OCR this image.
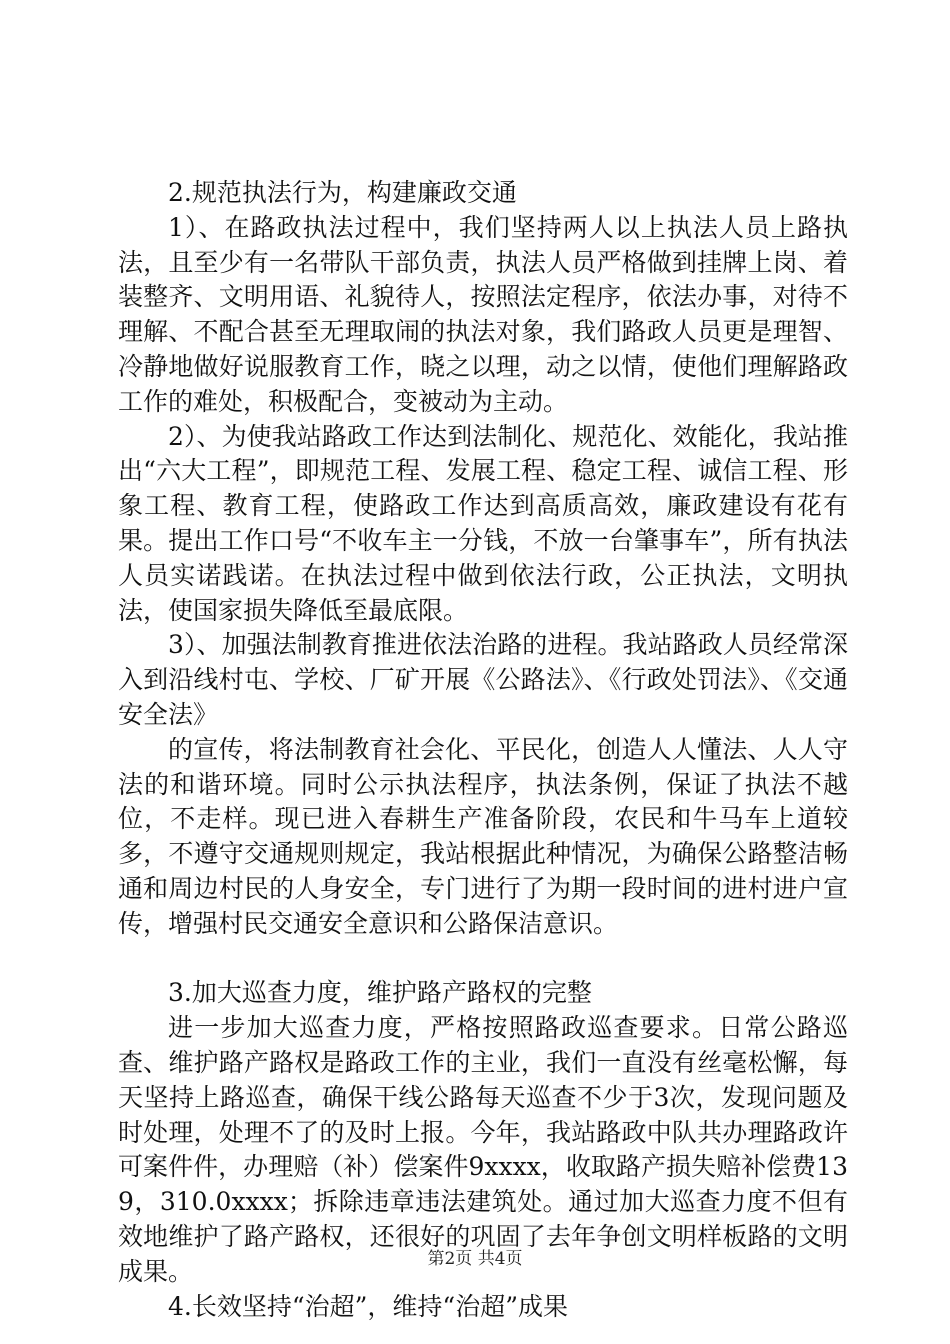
2.规范执法行为，构建廉政交通

1）、在路政执法过程中，我们坚持两人以上执法人员上路执法，且至少有一名带队干部负责，执法人员严格做到挂牌上岗、着装整齐、文明用语、礼貌待人，按照法定程序，依法办事，对待不理解、不配合甚至无理取闹的执法对象，我们路政人员更是理智、冷静地做好说服教育工作，晓之以理，动之以情，使他们理解路政工作的难处，积极配合，变被动为主动。

2）、为使我站路政工作达到法制化、规范化、效能化，我站推出“六大工程”，即规范工程、发展工程、稳定工程、诚信工程、形象工程、教育工程，使路政工作达到高质高效，廉政建设有花有果。提出工作口号“不收车主一分钱，不放一台肇事车”，所有执法人员实诺践诺。在执法过程中做到依法行政，公正执法，文明执法，使国家损失降低至最底限。

3）、加强法制教育推进依法治路的进程。我站路政人员经常深入到沿线村屯、学校、厂矿开展《公路法》、《行政处罚法》、《交通安全法》

的宣传，将法制教育社会化、平民化，创造人人懂法、人人守法的和谐环境。同时公示执法程序，执法条例，保证了执法不越位，不走样。现已进入春耕生产准备阶段，农民和牛马车上道较多，不遵守交通规则规定，我站根据此种情况，为确保公路整洁畅通和周边村民的人身安全，专门进行了为期一段时间的进村进户宣传，增强村民交通安全意识和公路保洁意识。

3.加大巡查力度，维护路产路权的完整

进一步加大巡查力度，严格按照路政巡查要求。日常公路巡查、维护路产路权是路政工作的主业，我们一直没有丝毫松懈，每天坚持上路巡查，确保干线公路每天巡查不少于3次，发现问题及时处理，处理不了的及时上报。今年，我站路政中队共办理路政许可案件件，办理赔（补）偿案件9xxxx，收取路产损失赔补偿费139，310.0xxxx；拆除违章违法建筑处。通过加大巡查力度不但有效地维护了路产路权，还很好的巩固了去年争创文明样板路的文明成果。

4.长效坚持“治超”，维持“治超”成果

第2页 共4页
